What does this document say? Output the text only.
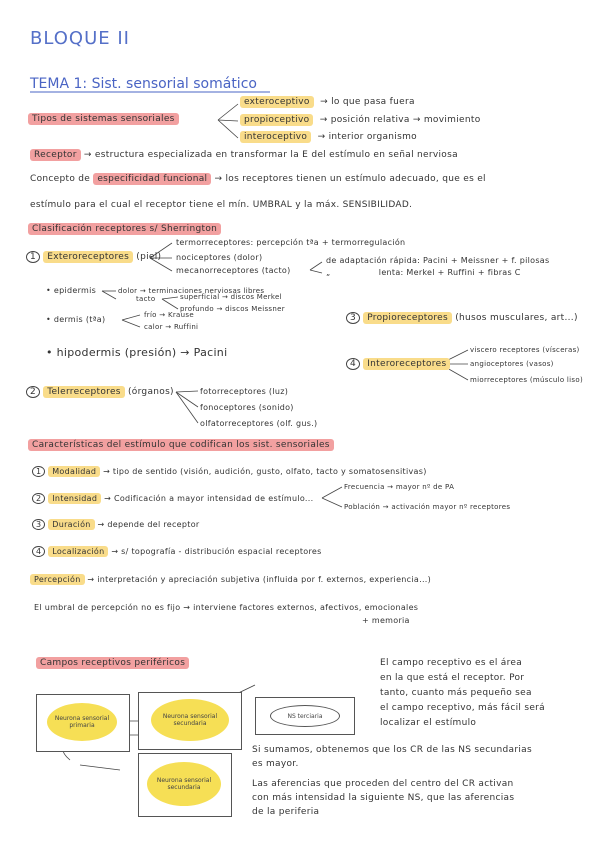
BLOQUE II
TEMA 1: Sist. sensorial somático
Tipos de sistemas sensoriales
exteroceptivo  → lo que pasa fuera
propioceptivo  → posición relativa → movimiento
interoceptivo  → interior organismo
Receptor → estructura especializada en transformar la E del estímulo en señal nerviosa
Concepto de especificidad funcional → los receptores tienen un estímulo adecuado, que es el
estímulo para el cual el receptor tiene el mín. UMBRAL y la máx. SENSIBILIDAD.
Clasificación receptores s/ Sherrington
1 Exteroreceptores (piel)
termorreceptores: percepción tªa + termorregulación
nociceptores (dolor)
mecanorreceptores (tacto)
de adaptación rápida: Pacini + Meissner + f. pilosas
„	lenta: Merkel + Ruffini + fibras C
• epidermis	dolor → terminaciones nerviosas libres
tacto	superficial → discos Merkel
profundo → discos Meissner
• dermis (tªa)	frío → Krause
calor → Ruffini
• hipodermis (presión) → Pacini
3 Propioreceptores (husos musculares, art...)
4 Interoreceptores
viscero receptores (vísceras)
angioceptores (vasos)
miorreceptores (músculo liso)
2 Telerreceptores (órganos)	fotorreceptores (luz)
fonoceptores (sonido)
olfatorreceptores (olf. gus.)
Características del estímulo que codifican los sist. sensoriales
1 Modalidad → tipo de sentido (visión, audición, gusto, olfato, tacto y somatosensitivas)
2 Intensidad → Codificación a mayor intensidad de estímulo...
Frecuencia → mayor nº de PA
Población → activación mayor nº receptores
3 Duración → depende del receptor
4 Localización → s/ topografía - distribución espacial receptores
Percepción → interpretación y apreciación subjetiva (influida por f. externos, experiencia...)
El umbral de percepción no es fijo → interviene factores externos, afectivos, emocionales
+ memoria
Campos receptivos periféricos	El campo receptivo es el área
en la que está el receptor. Por
tanto, cuanto más pequeño sea
el campo receptivo, más fácil será
localizar el estímulo
Neurona sensorial primaria
Neurona sensorial secundaria
NS terciaria
Neurona sensorial secundaria
Si sumamos, obtenemos que los CR de las NS secundarias
es mayor.
Las aferencias que proceden del centro del CR activan
con más intensidad la siguiente NS, que las aferencias
de la periferia
